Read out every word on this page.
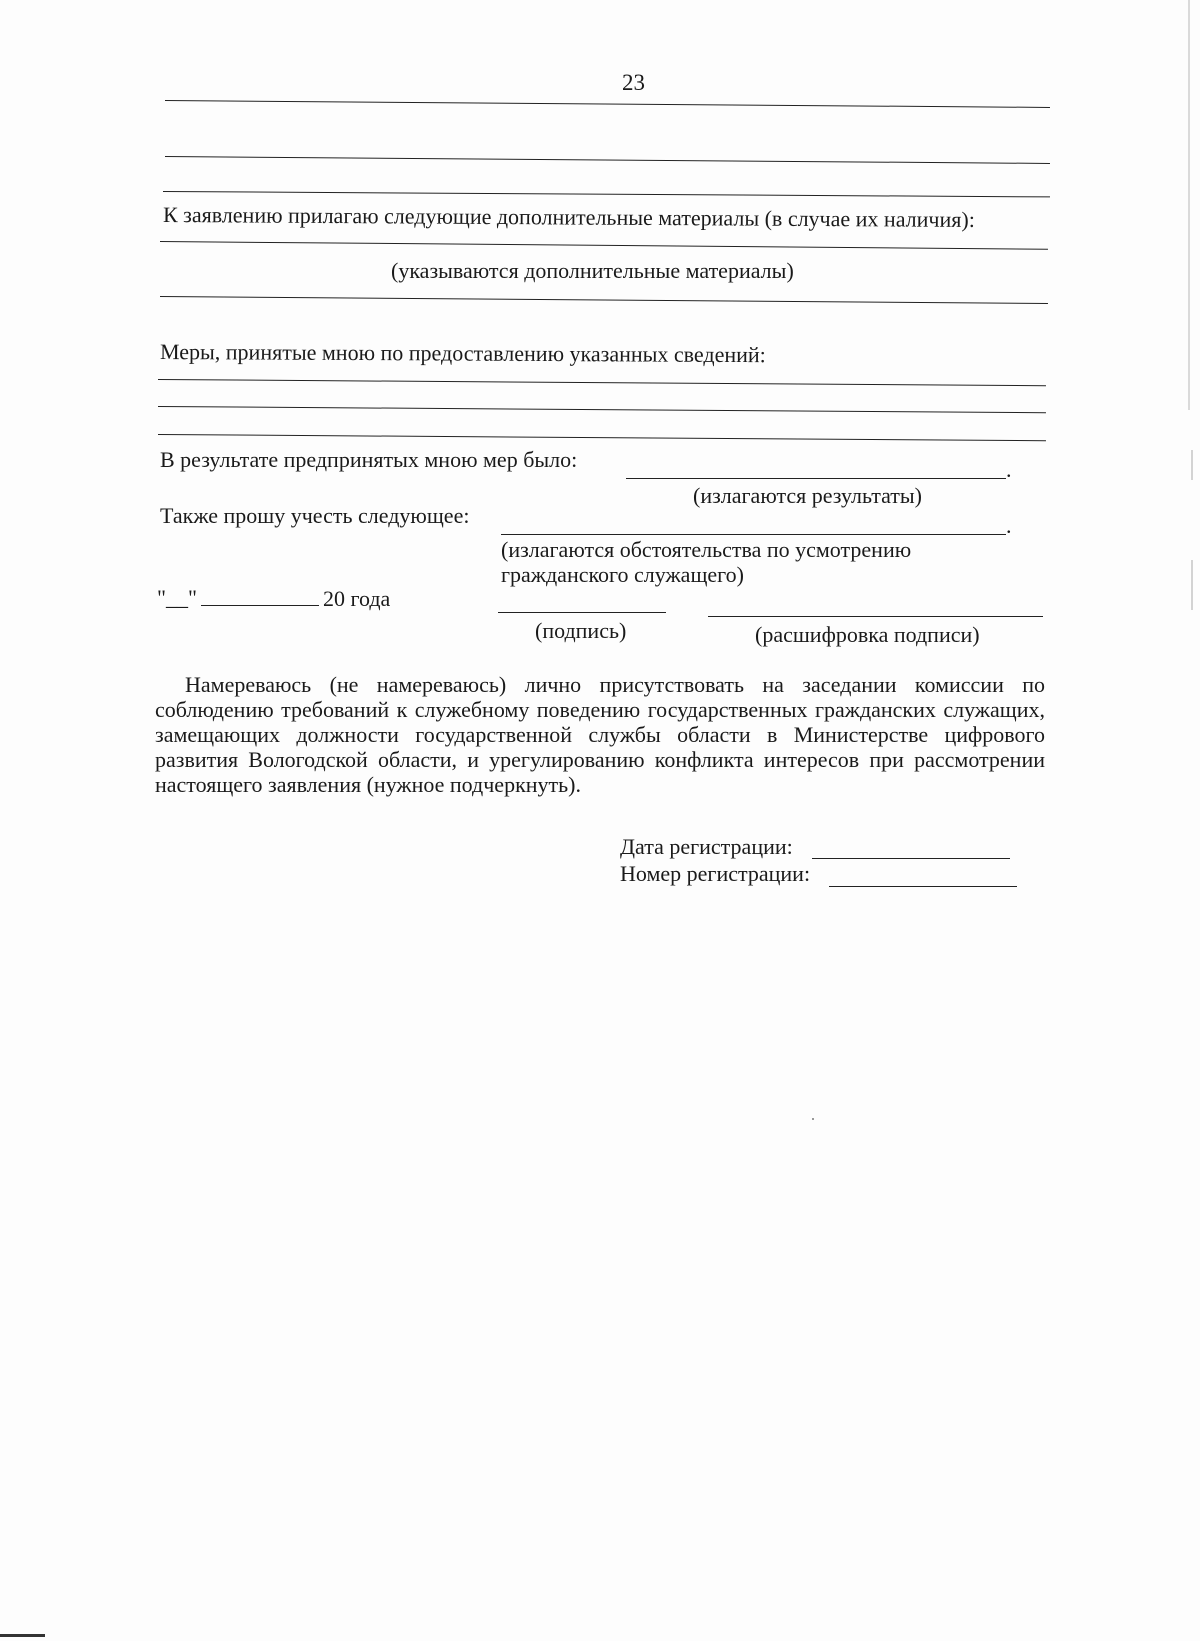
23
К заявлению прилагаю следующие дополнительные материалы (в случае их наличия):
(указываются дополнительные материалы)
Меры, принятые мною по предоставлению указанных сведений:
В результате предпринятых мною мер было:	.
(излагаются результаты)
Также прошу учесть следующее:	.
(излагаются обстоятельства по усмотрению
гражданского служащего)
"__"	20 года
(подпись)	(расшифровка подписи)
Намереваюсь (не намереваюсь) лично присутствовать на заседании комиссии по соблюдению требований к служебному поведению государственных гражданских служащих, замещающих должности государственной службы области в Министерстве цифрового развития Вологодской области, и урегулированию конфликта интересов при рассмотрении настоящего заявления (нужное подчеркнуть).
Дата регистрации:
Номер регистрации:
